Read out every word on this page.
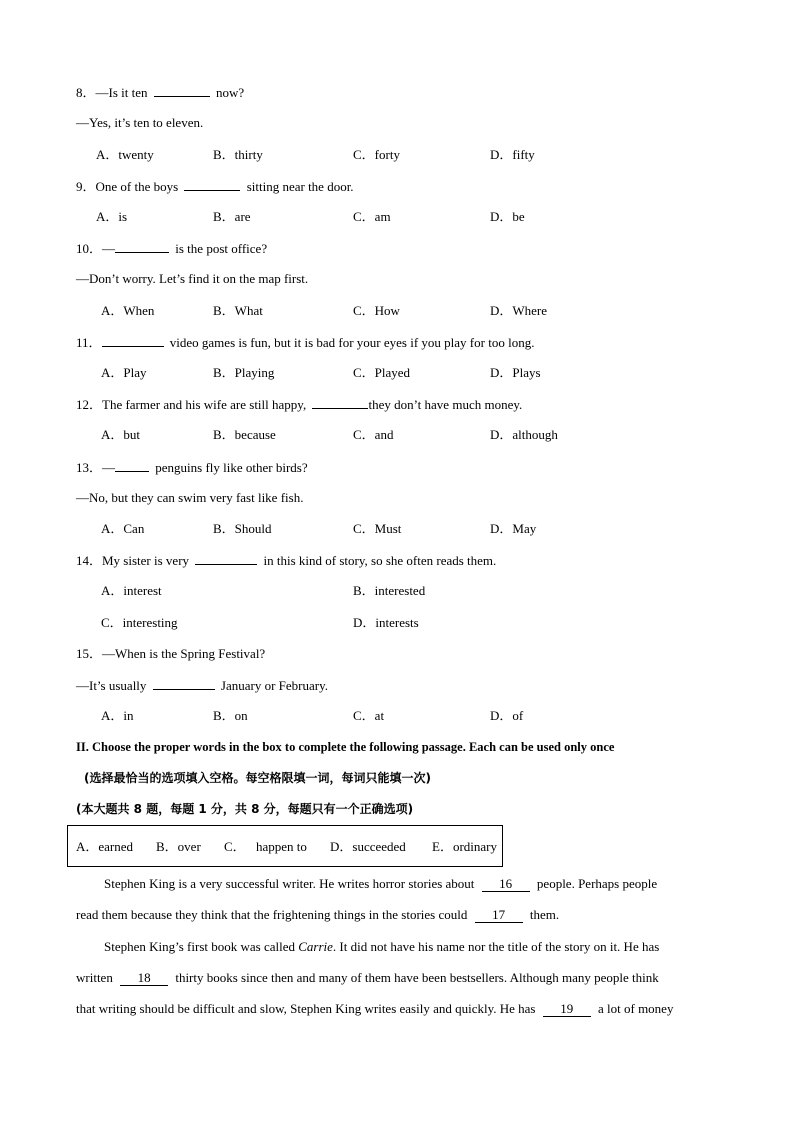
8．—Is it ten	now?
—Yes, it’s ten to eleven.
A．twenty	B．thirty	C．forty	D．fifty
9．One of the boys	sitting near the door.
A．is	B．are	C．am	D．be
10．—	is the post office?
—Don’t worry. Let’s find it on the map first.
A．When	B．What	C．How	D．Where
11．	video games is fun, but it is bad for your eyes if you play for too long.
A．Play	B．Playing	C．Played	D．Plays
12．The farmer and his wife are still happy,	they don’t have much money.
A．but	B．because	C．and	D．although
13．—	penguins fly like other birds?
—No, but they can swim very fast like fish.
A．Can	B．Should	C．Must	D．May
14．My sister is very	in this kind of story, so she often reads them.
A．interest	B．interested
C．interesting	D．interests
15．—When is the Spring Festival?
—It’s usually	January or February.
A．in	B．on	C．at	D．of
II. Choose the proper words in the box to complete the following passage. Each can be used only once
(选择最恰当的选项填入空格。每空格限填一词，每词只能填一次)
(本大题共 8 题，每题 1 分，共 8 分，每题只有一个正确选项)
A．earned B．over C． happen to D．succeeded E．ordinary
Stephen King is a very successful writer. He writes horror stories about 16 people. Perhaps people
read them because they think that the frightening things in the stories could 17 them.
Stephen King’s first book was called Carrie. It did not have his name nor the title of the story on it. He has
written 18 thirty books since then and many of them have been bestsellers. Although many people think
that writing should be difficult and slow, Stephen King writes easily and quickly. He has 19 a lot of money
